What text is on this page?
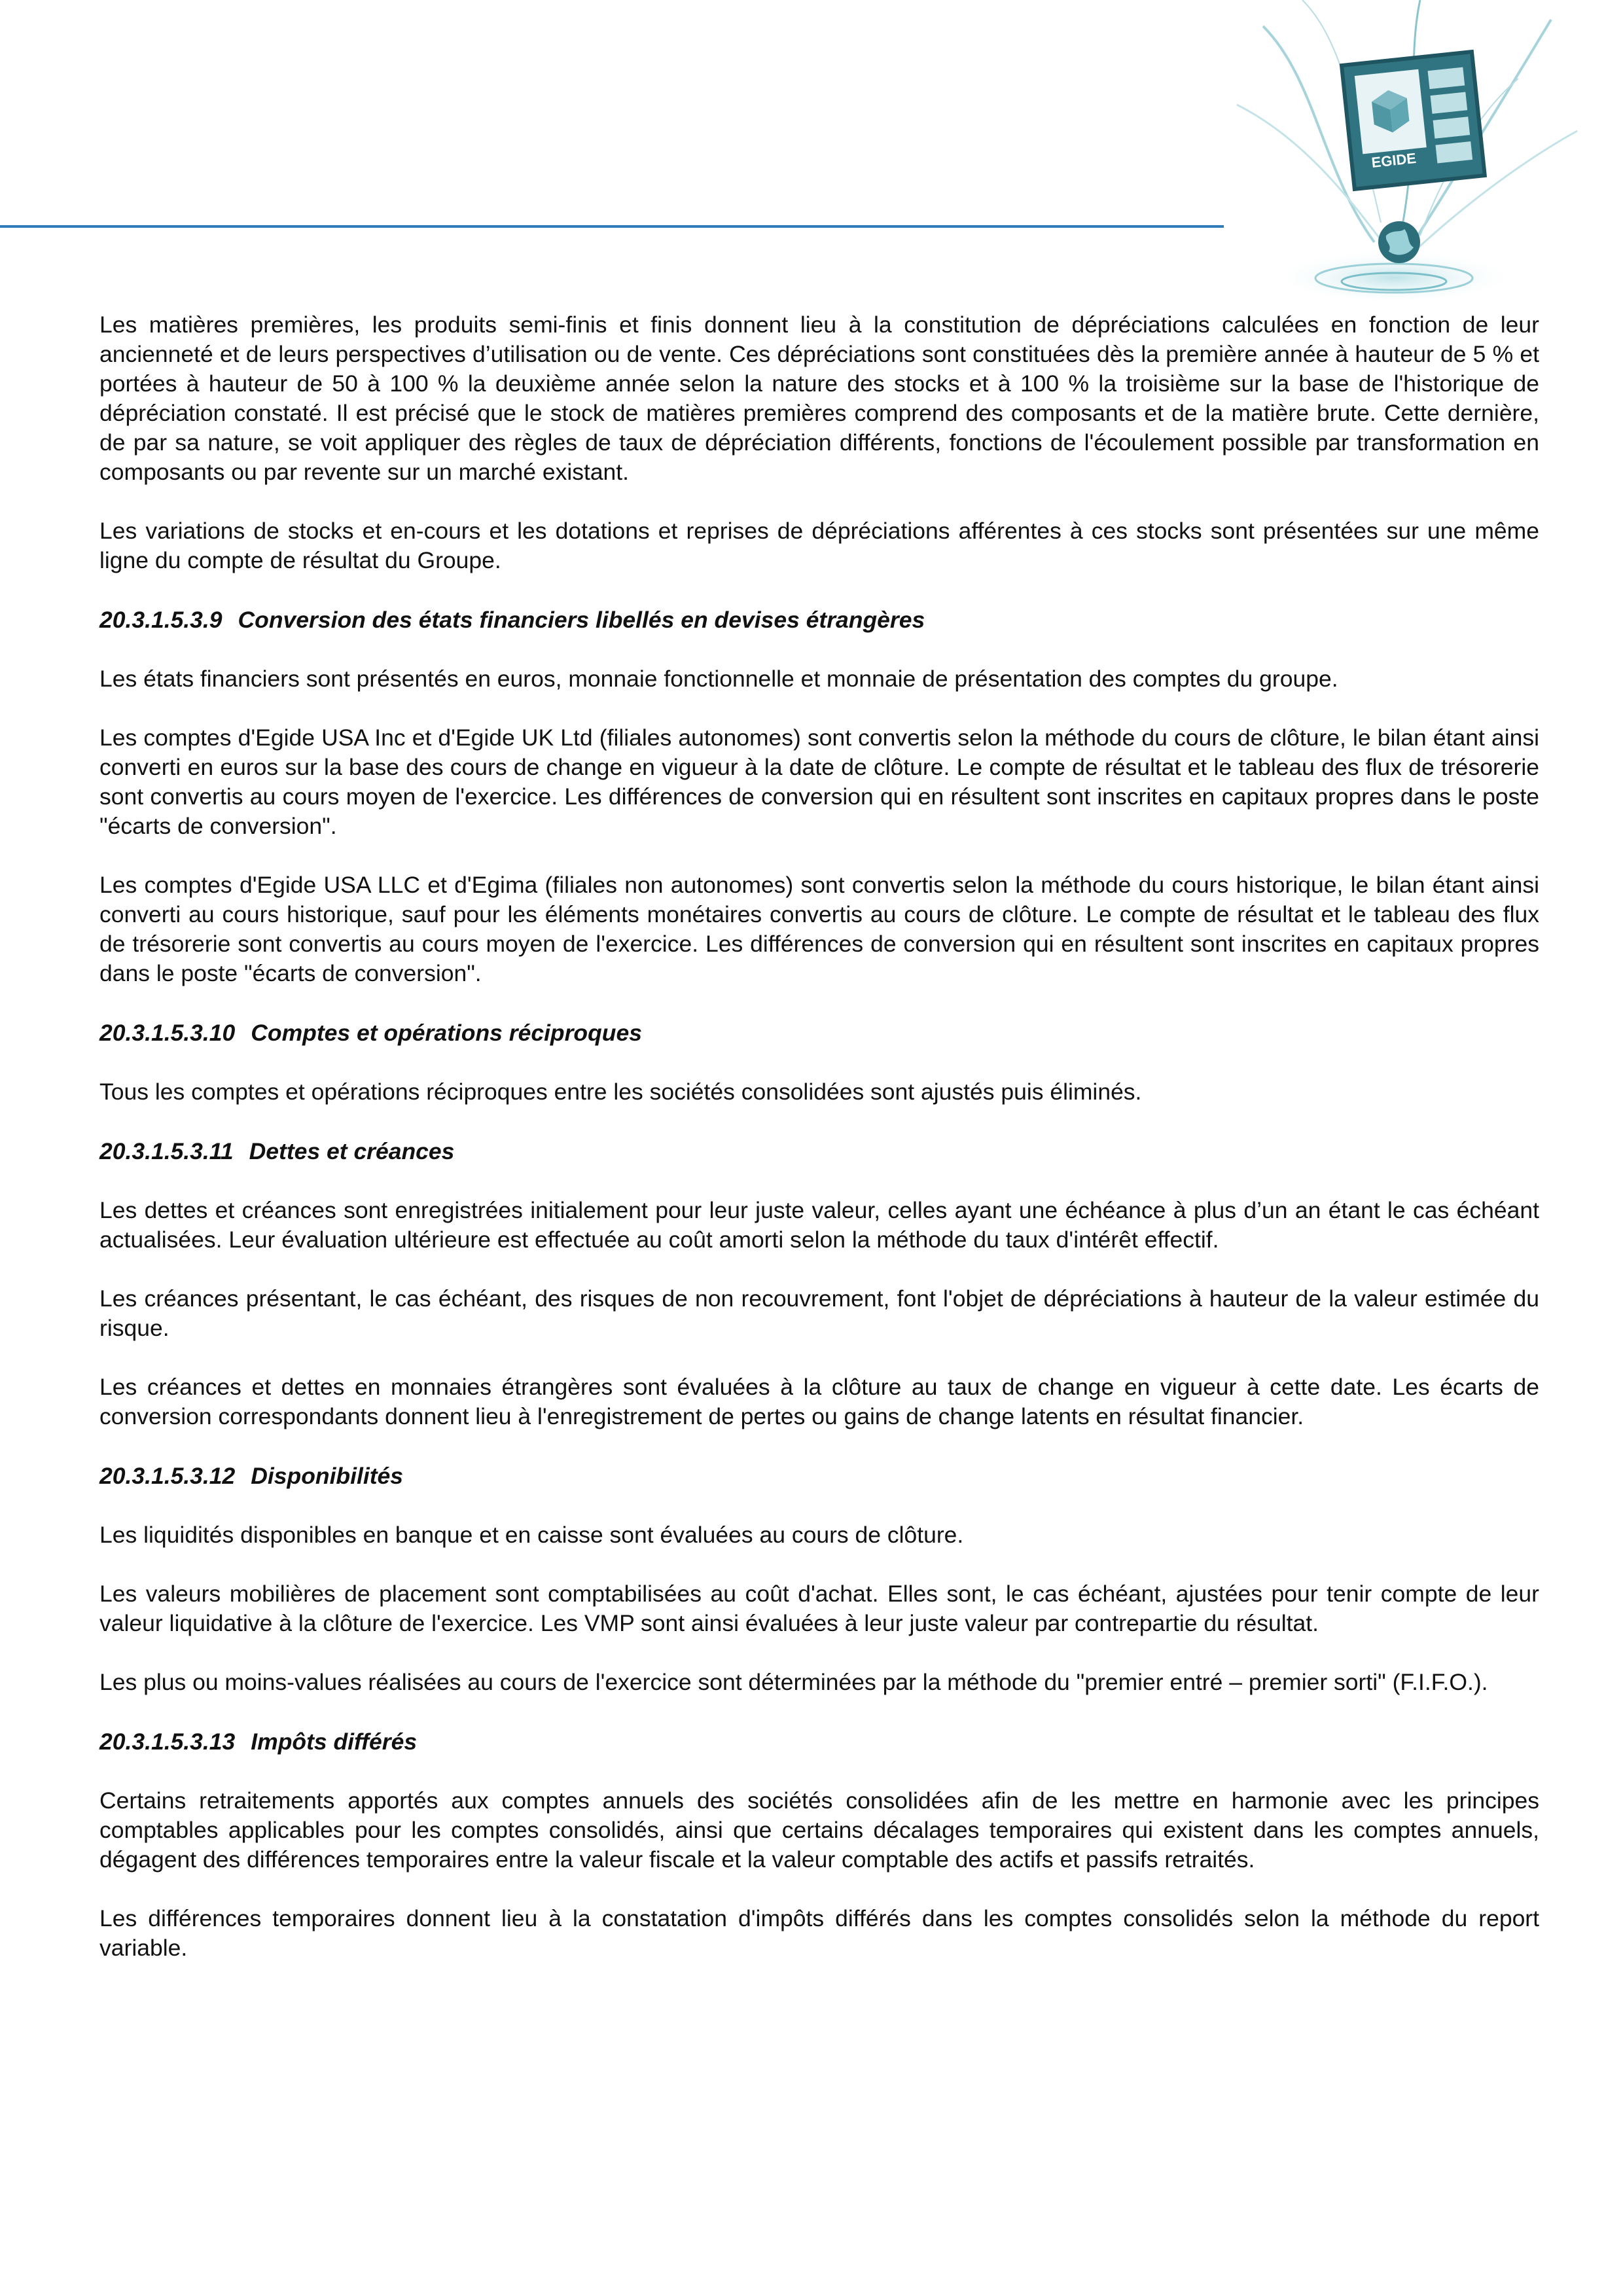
EGIDE

Les matières premières, les produits semi-finis et finis donnent lieu à la constitution de dépréciations calculées en fonction de leur ancienneté et de leurs perspectives d’utilisation ou de vente. Ces dépréciations sont constituées dès la première année à hauteur de 5 % et portées à hauteur de 50 à 100 % la deuxième année selon la nature des stocks et à 100 % la troisième sur la base de l'historique de dépréciation constaté. Il est précisé que le stock de matières premières comprend des composants et de la matière brute. Cette dernière, de par sa nature, se voit appliquer des règles de taux de dépréciation différents, fonctions de l'écoulement possible par transformation en composants ou par revente sur un marché existant.

Les variations de stocks et en-cours et les dotations et reprises de dépréciations afférentes à ces stocks sont présentées sur une même ligne du compte de résultat du Groupe.

20.3.1.5.3.9 Conversion des états financiers libellés en devises étrangères

Les états financiers sont présentés en euros, monnaie fonctionnelle et monnaie de présentation des comptes du groupe.

Les comptes d'Egide USA Inc et d'Egide UK Ltd (filiales autonomes) sont convertis selon la méthode du cours de clôture, le bilan étant ainsi converti en euros sur la base des cours de change en vigueur à la date de clôture. Le compte de résultat et le tableau des flux de trésorerie sont convertis au cours moyen de l'exercice. Les différences de conversion qui en résultent sont inscrites en capitaux propres dans le poste "écarts de conversion".

Les comptes d'Egide USA LLC et d'Egima (filiales non autonomes) sont convertis selon la méthode du cours historique, le bilan étant ainsi converti au cours historique, sauf pour les éléments monétaires convertis au cours de clôture. Le compte de résultat et le tableau des flux de trésorerie sont convertis au cours moyen de l'exercice. Les différences de conversion qui en résultent sont inscrites en capitaux propres dans le poste "écarts de conversion".

20.3.1.5.3.10 Comptes et opérations réciproques

Tous les comptes et opérations réciproques entre les sociétés consolidées sont ajustés puis éliminés.

20.3.1.5.3.11 Dettes et créances

Les dettes et créances sont enregistrées initialement pour leur juste valeur, celles ayant une échéance à plus d’un an étant le cas échéant actualisées. Leur évaluation ultérieure est effectuée au coût amorti selon la méthode du taux d'intérêt effectif.

Les créances présentant, le cas échéant, des risques de non recouvrement, font l'objet de dépréciations à hauteur de la valeur estimée du risque.

Les créances et dettes en monnaies étrangères sont évaluées à la clôture au taux de change en vigueur à cette date. Les écarts de conversion correspondants donnent lieu à l'enregistrement de pertes ou gains de change latents en résultat financier.

20.3.1.5.3.12 Disponibilités

Les liquidités disponibles en banque et en caisse sont évaluées au cours de clôture.

Les valeurs mobilières de placement sont comptabilisées au coût d'achat. Elles sont, le cas échéant, ajustées pour tenir compte de leur valeur liquidative à la clôture de l'exercice. Les VMP sont ainsi évaluées à leur juste valeur par contrepartie du résultat.

Les plus ou moins-values réalisées au cours de l'exercice sont déterminées par la méthode du "premier entré – premier sorti" (F.I.F.O.).

20.3.1.5.3.13 Impôts différés

Certains retraitements apportés aux comptes annuels des sociétés consolidées afin de les mettre en harmonie avec les principes comptables applicables pour les comptes consolidés, ainsi que certains décalages temporaires qui existent dans les comptes annuels, dégagent des différences temporaires entre la valeur fiscale et la valeur comptable des actifs et passifs retraités.

Les différences temporaires donnent lieu à la constatation d'impôts différés dans les comptes consolidés selon la méthode du report variable.
